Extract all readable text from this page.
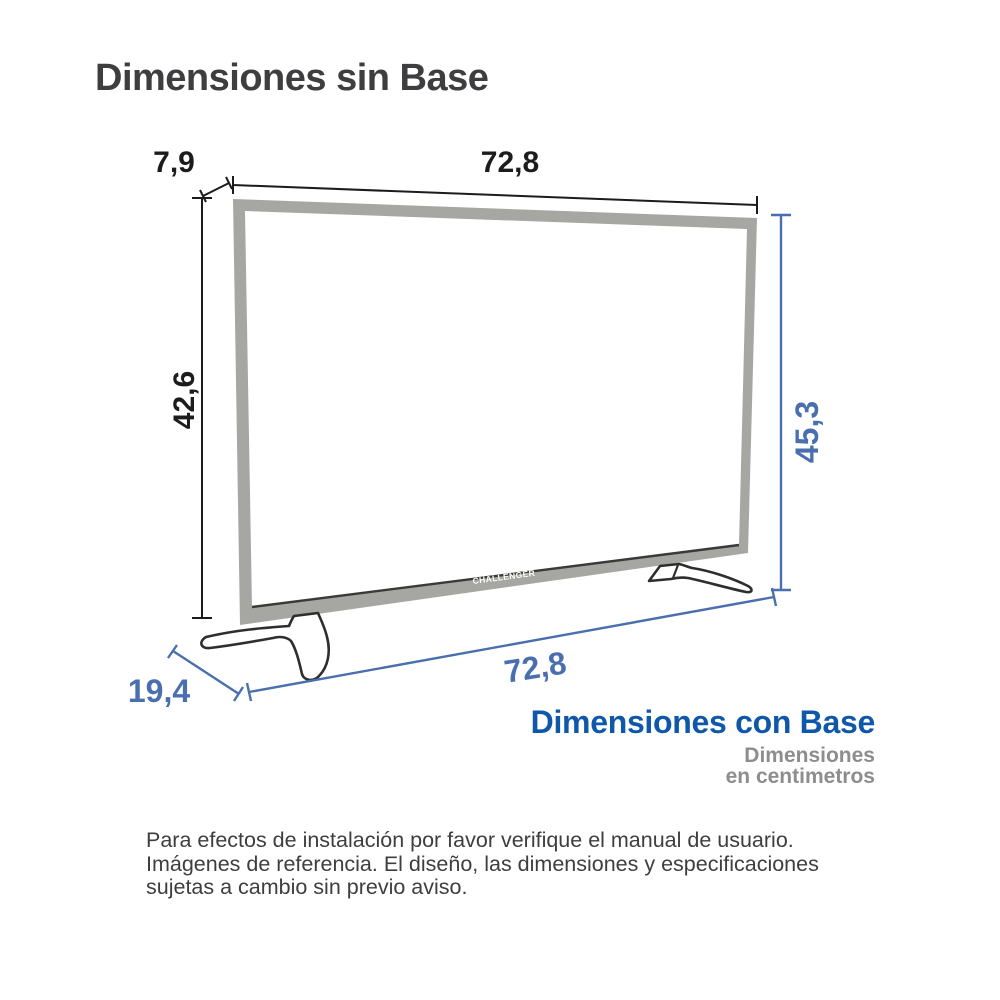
Dimensiones sin Base
CHALLENGER
7,9	72,8
42,6
45,3
72,8
19,4
Dimensiones con Base
Dimensiones
en centimetros
Para efectos de instalación por favor verifique el manual de usuario.
Imágenes de referencia. El diseño, las dimensiones y especificaciones
sujetas a cambio sin previo aviso.
